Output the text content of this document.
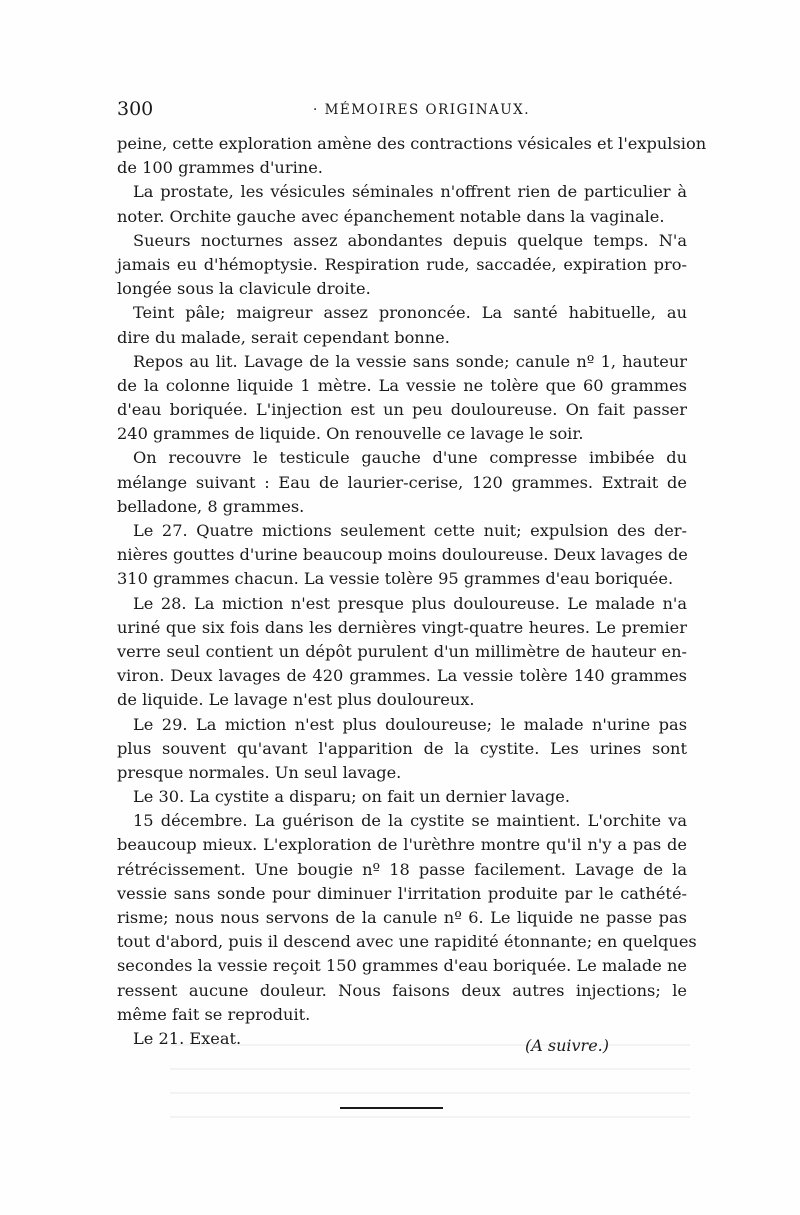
300	· MÉMOIRES ORIGINAUX.
peine, cette exploration amène des contractions vésicales et l'expulsion
de 100 grammes d'urine.
La prostate, les vésicules séminales n'offrent rien de particulier à
noter. Orchite gauche avec épanchement notable dans la vaginale.
Sueurs nocturnes assez abondantes depuis quelque temps. N'a
jamais eu d'hémoptysie. Respiration rude, saccadée, expiration pro-
longée sous la clavicule droite.
Teint pâle; maigreur assez prononcée. La santé habituelle, au
dire du malade, serait cependant bonne.
Repos au lit. Lavage de la vessie sans sonde; canule nº 1, hauteur
de la colonne liquide 1 mètre. La vessie ne tolère que 60 grammes
d'eau boriquée. L'injection est un peu douloureuse. On fait passer
240 grammes de liquide. On renouvelle ce lavage le soir.
On recouvre le testicule gauche d'une compresse imbibée du
mélange suivant : Eau de laurier-cerise, 120 grammes. Extrait de
belladone, 8 grammes.
Le 27. Quatre mictions seulement cette nuit; expulsion des der-
nières gouttes d'urine beaucoup moins douloureuse. Deux lavages de
310 grammes chacun. La vessie tolère 95 grammes d'eau boriquée.
Le 28. La miction n'est presque plus douloureuse. Le malade n'a
uriné que six fois dans les dernières vingt-quatre heures. Le premier
verre seul contient un dépôt purulent d'un millimètre de hauteur en-
viron. Deux lavages de 420 grammes. La vessie tolère 140 grammes
de liquide. Le lavage n'est plus douloureux.
Le 29. La miction n'est plus douloureuse; le malade n'urine pas
plus souvent qu'avant l'apparition de la cystite. Les urines sont
presque normales. Un seul lavage.
Le 30. La cystite a disparu; on fait un dernier lavage.
15 décembre. La guérison de la cystite se maintient. L'orchite va
beaucoup mieux. L'exploration de l'urèthre montre qu'il n'y a pas de
rétrécissement. Une bougie nº 18 passe facilement. Lavage de la
vessie sans sonde pour diminuer l'irritation produite par le cathété-
risme; nous nous servons de la canule nº 6. Le liquide ne passe pas
tout d'abord, puis il descend avec une rapidité étonnante; en quelques
secondes la vessie reçoit 150 grammes d'eau boriquée. Le malade ne
ressent aucune douleur. Nous faisons deux autres injections; le
même fait se reproduit.
Le 21. Exeat.	(A suivre.)
